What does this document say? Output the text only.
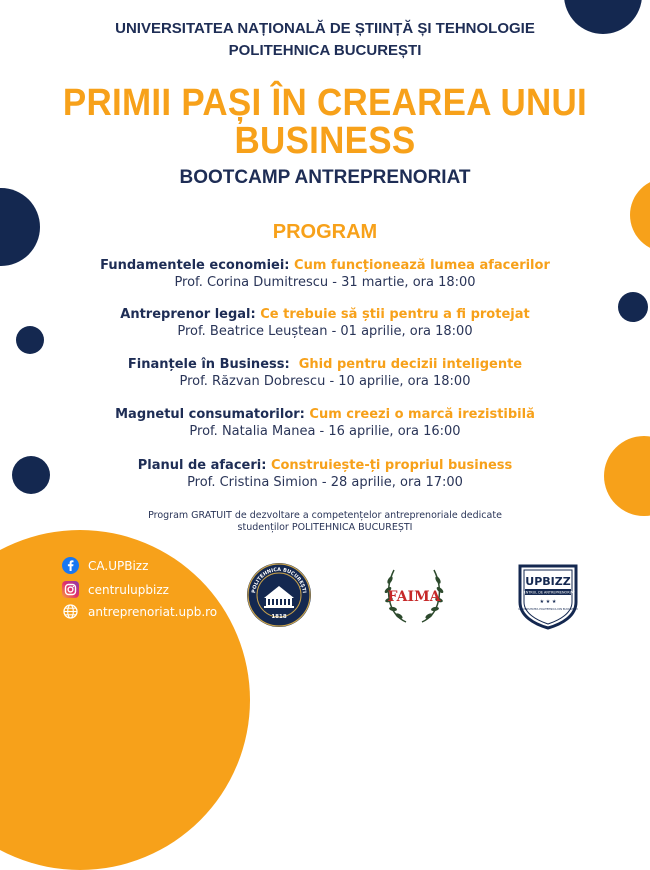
UNIVERSITATEA NAȚIONALĂ DE ȘTIINȚĂ ȘI TEHNOLOGIE
POLITEHNICA BUCUREȘTI
PRIMII PAȘI ÎN CREAREA UNUI
BUSINESS
BOOTCAMP ANTREPRENORIAT
PROGRAM
Fundamentele economiei: Cum funcționează lumea afacerilor
Prof. Corina Dumitrescu - 31 martie, ora 18:00
Antreprenor legal: Ce trebuie să știi pentru a fi protejat
Prof. Beatrice Leuștean - 01 aprilie, ora 18:00
Finanțele în Business: Ghid pentru decizii inteligente
Prof. Răzvan Dobrescu - 10 aprilie, ora 18:00
Magnetul consumatorilor: Cum creezi o marcă irezistibilă
Prof. Natalia Manea - 16 aprilie, ora 16:00
Planul de afaceri: Construiește-ți propriul business
Prof. Cristina Simion - 28 aprilie, ora 17:00
Program GRATUIT de dezvoltare a competențelor antreprenoriale dedicate
studenților POLITEHNICA BUCUREȘTI
CA.UPBizz
centrulupbizz
antreprenoriat.upb.ro
POLITEHNICA BUCUREȘTI
1818
FAIMA
UPBIZZ
CENTRUL DE ANTREPRENORIAT
★ ★ ★
UNIVERSITATEA POLITEHNICA DIN BUCUREȘTI
